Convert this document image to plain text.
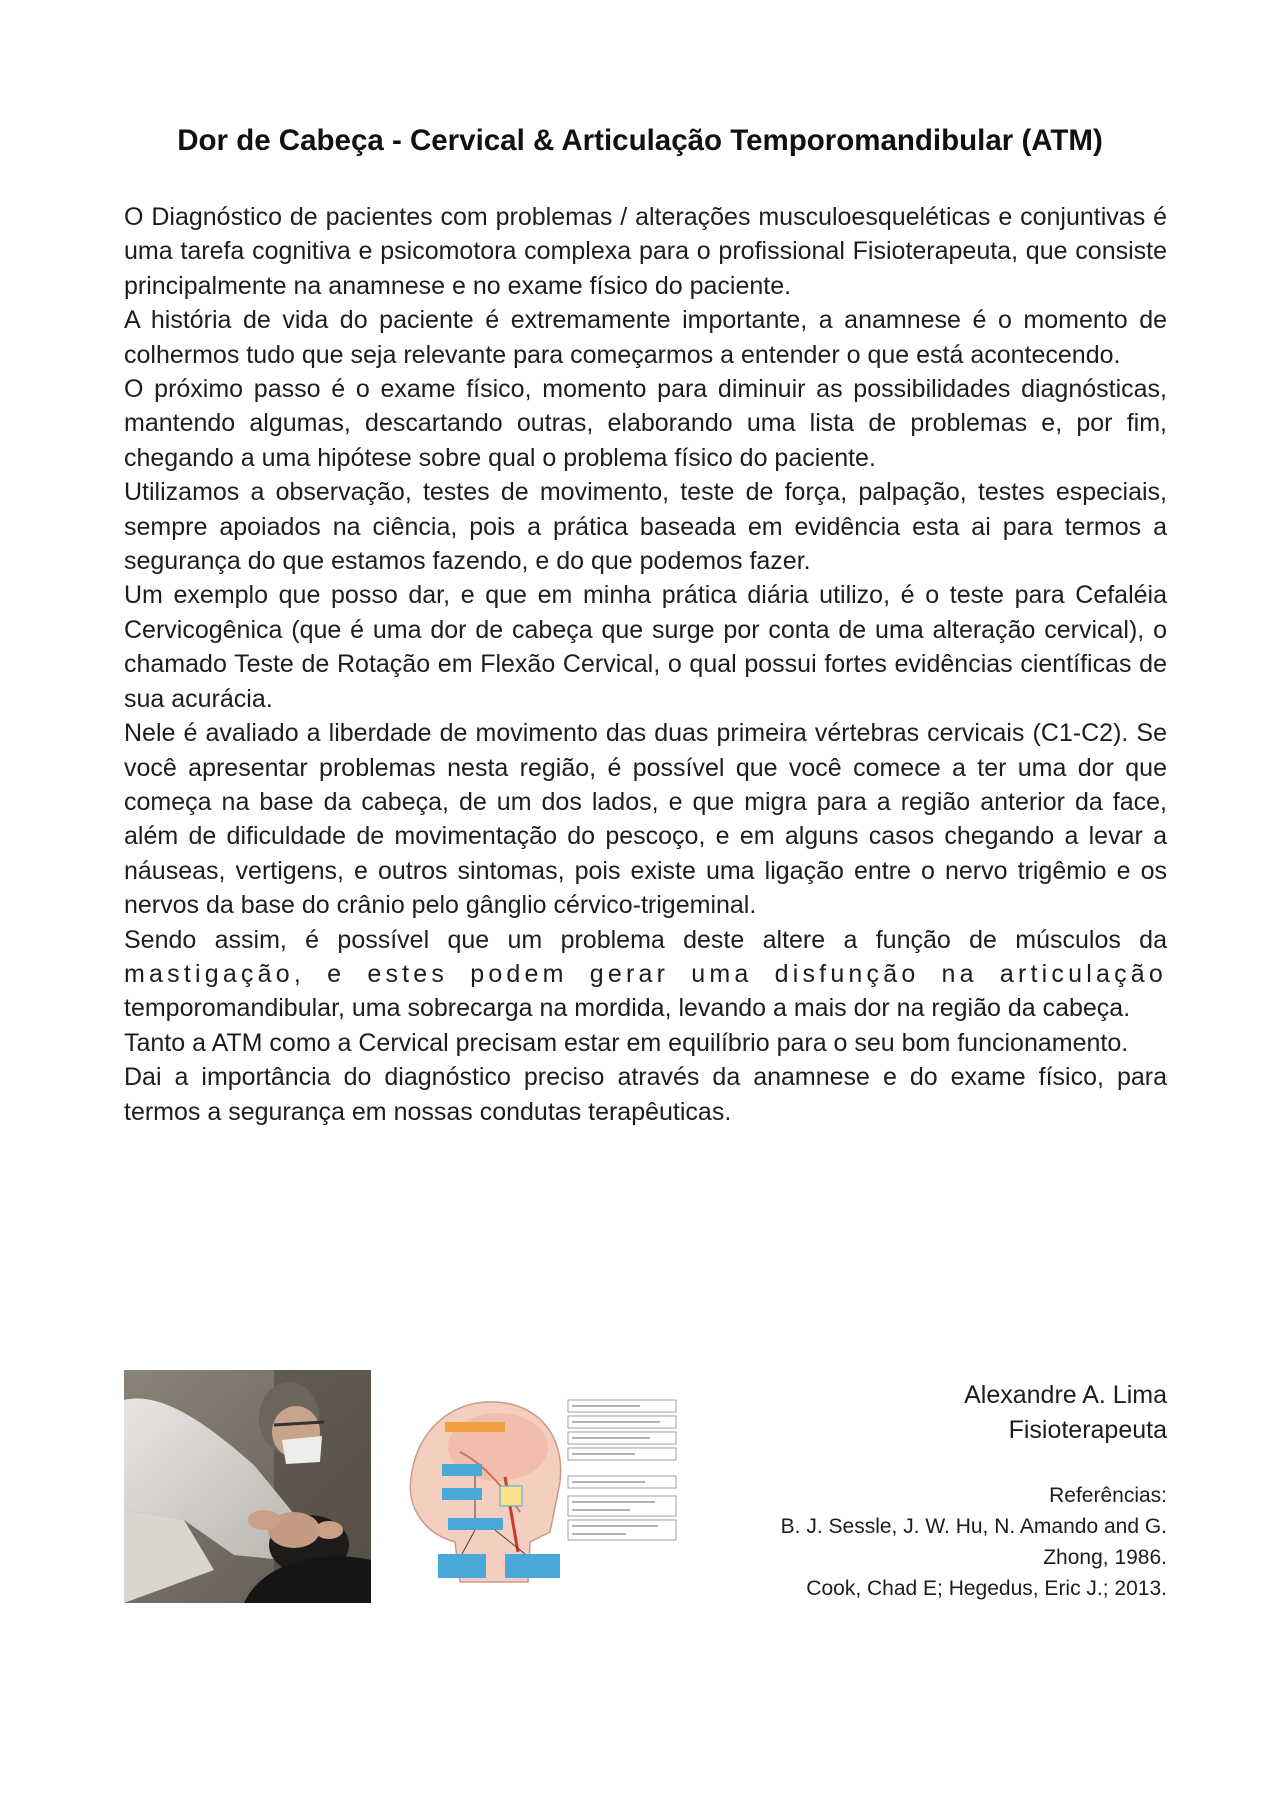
Dor de Cabeça - Cervical & Articulação Temporomandibular (ATM)

O Diagnóstico de pacientes com problemas / alterações musculoesqueléticas e conjuntivas é uma tarefa cognitiva e psicomotora complexa para o profissional Fisioterapeuta, que consiste principalmente na anamnese e no exame físico do paciente.

A história de vida do paciente é extremamente importante, a anamnese é o momento de colhermos tudo que seja relevante para começarmos a entender o que está acontecendo.

O próximo passo é o exame físico, momento para diminuir as possibilidades diagnósticas, mantendo algumas, descartando outras, elaborando uma lista de problemas e, por fim, chegando a uma hipótese sobre qual o problema físico do paciente.

Utilizamos a observação, testes de movimento, teste de força, palpação, testes especiais, sempre apoiados na ciência, pois a prática baseada em evidência esta ai para termos a segurança do que estamos fazendo, e do que podemos fazer.

Um exemplo que posso dar, e que em minha prática diária utilizo, é o teste para Cefaléia Cervicogênica (que é uma dor de cabeça que surge por conta de uma alteração cervical), o chamado Teste de Rotação em Flexão Cervical, o qual possui fortes evidências científicas de sua acurácia.

Nele é avaliado a liberdade de movimento das duas primeira vértebras cervicais (C1-C2). Se você apresentar problemas nesta região, é possível que você comece a ter uma dor que começa na base da cabeça, de um dos lados, e que migra para a região anterior da face, além de dificuldade de movimentação do pescoço, e em alguns casos chegando a levar a náuseas, vertigens, e outros sintomas, pois existe uma ligação entre o nervo trigêmio e os nervos da base do crânio pelo gânglio cérvico-trigeminal.

Sendo assim, é possível que um problema deste altere a função de músculos da mastigação, e estes podem gerar uma disfunção na articulação temporomandibular, uma sobrecarga na mordida, levando a mais dor na região da cabeça.

Tanto a ATM como a Cervical precisam estar em equilíbrio para o seu bom funcionamento.

Dai a importância do diagnóstico preciso através da anamnese e do exame físico, para termos a segurança em nossas condutas terapêuticas.

Alexandre A. Lima
Fisioterapeuta
Referências:
B. J. Sessle, J. W. Hu, N. Amando and G.
Zhong, 1986.
Cook, Chad E; Hegedus, Eric J.; 2013.
